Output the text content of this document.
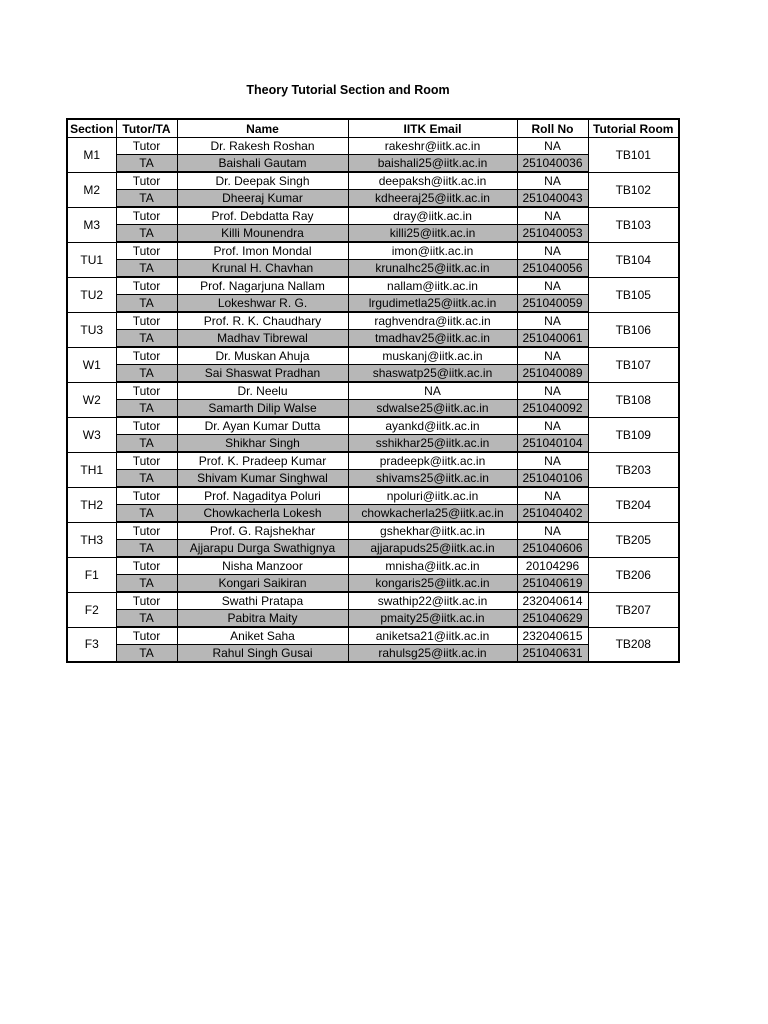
Theory Tutorial Section and Room
Section	Tutor/TA	Name	IITK Email	Roll No	Tutorial Room
M1	Tutor	Dr. Rakesh Roshan	rakeshr@iitk.ac.in	NA	TB101
	TA	Baishali Gautam	baishali25@iitk.ac.in	251040036	
M2	Tutor	Dr. Deepak Singh	deepaksh@iitk.ac.in	NA	TB102
	TA	Dheeraj Kumar	kdheeraj25@iitk.ac.in	251040043	
M3	Tutor	Prof. Debdatta Ray	dray@iitk.ac.in	NA	TB103
	TA	Killi Mounendra	killi25@iitk.ac.in	251040053	
TU1	Tutor	Prof. Imon Mondal	imon@iitk.ac.in	NA	TB104
	TA	Krunal H. Chavhan	krunalhc25@iitk.ac.in	251040056	
TU2	Tutor	Prof. Nagarjuna Nallam	nallam@iitk.ac.in	NA	TB105
	TA	Lokeshwar R. G.	lrgudimetla25@iitk.ac.in	251040059	
TU3	Tutor	Prof. R. K. Chaudhary	raghvendra@iitk.ac.in	NA	TB106
	TA	Madhav Tibrewal	tmadhav25@iitk.ac.in	251040061	
W1	Tutor	Dr. Muskan Ahuja	muskanj@iitk.ac.in	NA	TB107
	TA	Sai Shaswat Pradhan	shaswatp25@iitk.ac.in	251040089	
W2	Tutor	Dr. Neelu	NA	NA	TB108
	TA	Samarth Dilip Walse	sdwalse25@iitk.ac.in	251040092	
W3	Tutor	Dr. Ayan Kumar Dutta	ayankd@iitk.ac.in	NA	TB109
	TA	Shikhar Singh	sshikhar25@iitk.ac.in	251040104	
TH1	Tutor	Prof. K. Pradeep Kumar	pradeepk@iitk.ac.in	NA	TB203
	TA	Shivam Kumar Singhwal	shivams25@iitk.ac.in	251040106	
TH2	Tutor	Prof. Nagaditya Poluri	npoluri@iitk.ac.in	NA	TB204
	TA	Chowkacherla Lokesh	chowkacherla25@iitk.ac.in	251040402	
TH3	Tutor	Prof. G. Rajshekhar	gshekhar@iitk.ac.in	NA	TB205
	TA	Ajjarapu Durga Swathignya	ajjarapuds25@iitk.ac.in	251040606	
F1	Tutor	Nisha Manzoor	mnisha@iitk.ac.in	20104296	TB206
	TA	Kongari Saikiran	kongaris25@iitk.ac.in	251040619	
F2	Tutor	Swathi Pratapa	swathip22@iitk.ac.in	232040614	TB207
	TA	Pabitra Maity	pmaity25@iitk.ac.in	251040629	
F3	Tutor	Aniket Saha	aniketsa21@iitk.ac.in	232040615	TB208
	TA	Rahul Singh Gusai	rahulsg25@iitk.ac.in	251040631	
